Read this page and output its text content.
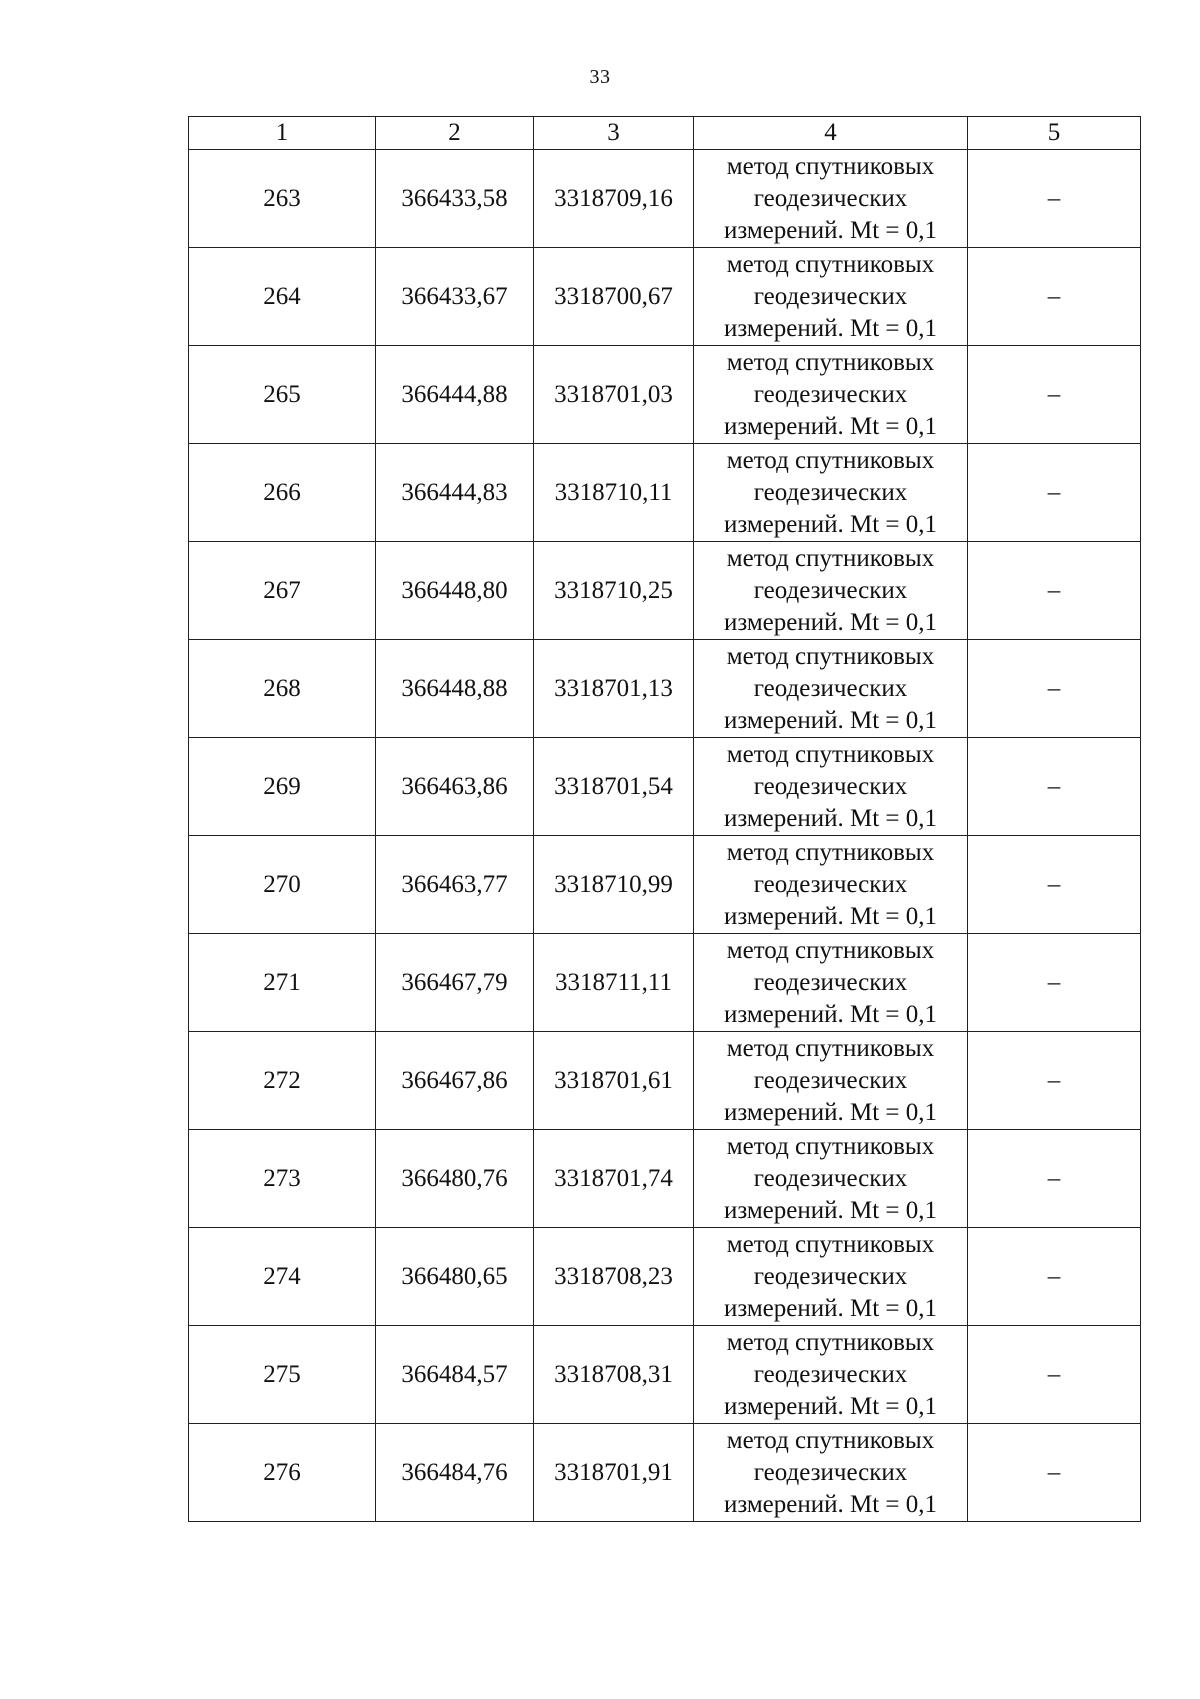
33
1	2	3	4	5
263	366433,58	3318709,16	метод спутниковых
геодезических
измерений. Mt = 0,1	–
264	366433,67	3318700,67	метод спутниковых
геодезических
измерений. Mt = 0,1	–
265	366444,88	3318701,03	метод спутниковых
геодезических
измерений. Mt = 0,1	–
266	366444,83	3318710,11	метод спутниковых
геодезических
измерений. Mt = 0,1	–
267	366448,80	3318710,25	метод спутниковых
геодезических
измерений. Mt = 0,1	–
268	366448,88	3318701,13	метод спутниковых
геодезических
измерений. Mt = 0,1	–
269	366463,86	3318701,54	метод спутниковых
геодезических
измерений. Mt = 0,1	–
270	366463,77	3318710,99	метод спутниковых
геодезических
измерений. Mt = 0,1	–
271	366467,79	3318711,11	метод спутниковых
геодезических
измерений. Mt = 0,1	–
272	366467,86	3318701,61	метод спутниковых
геодезических
измерений. Mt = 0,1	–
273	366480,76	3318701,74	метод спутниковых
геодезических
измерений. Mt = 0,1	–
274	366480,65	3318708,23	метод спутниковых
геодезических
измерений. Mt = 0,1	–
275	366484,57	3318708,31	метод спутниковых
геодезических
измерений. Mt = 0,1	–
276	366484,76	3318701,91	метод спутниковых
геодезических
измерений. Mt = 0,1	–
